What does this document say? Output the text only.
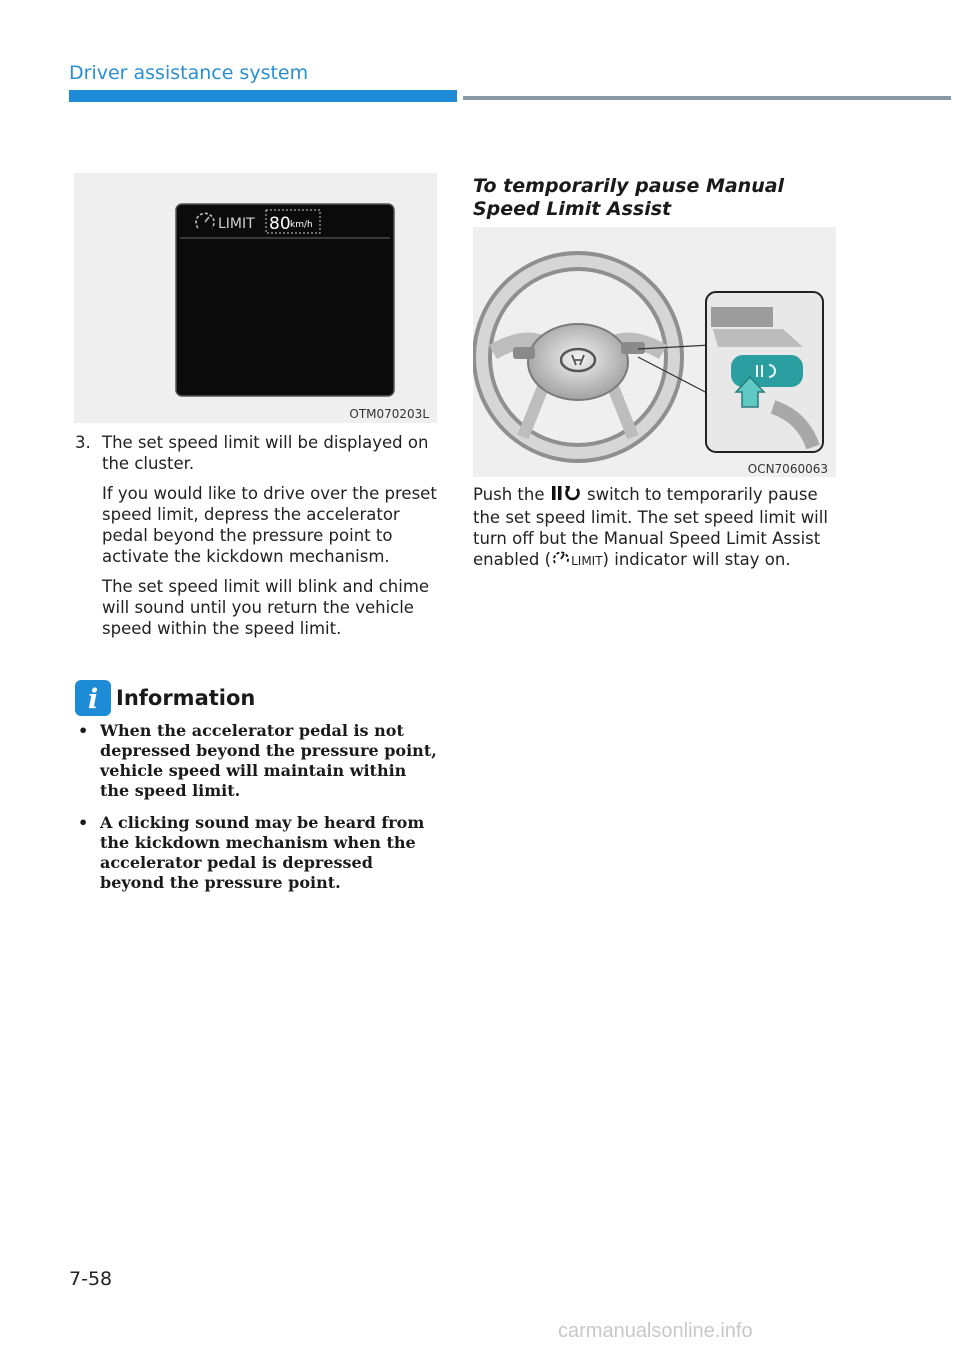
Driver assistance system
LIMIT 80 km/h
OTM070203L
3. The set speed limit will be displayed on the cluster.

If you would like to drive over the preset speed limit, depress the accelerator pedal beyond the pressure point to activate the kickdown mechanism.

The set speed limit will blink and chime will sound until you return the vehicle speed within the speed limit.

i Information
• When the accelerator pedal is not depressed beyond the pressure point, vehicle speed will maintain within the speed limit.
• A clicking sound may be heard from the kickdown mechanism when the accelerator pedal is depressed beyond the pressure point.
To temporarily pause Manual Speed Limit Assist
OCN7060063

Push the	switch to temporarily pause the set speed limit. The set speed limit will turn off but the Manual Speed Limit Assist enabled ( LIMIT) indicator will stay on.

7-58
carmanualsonline.info
